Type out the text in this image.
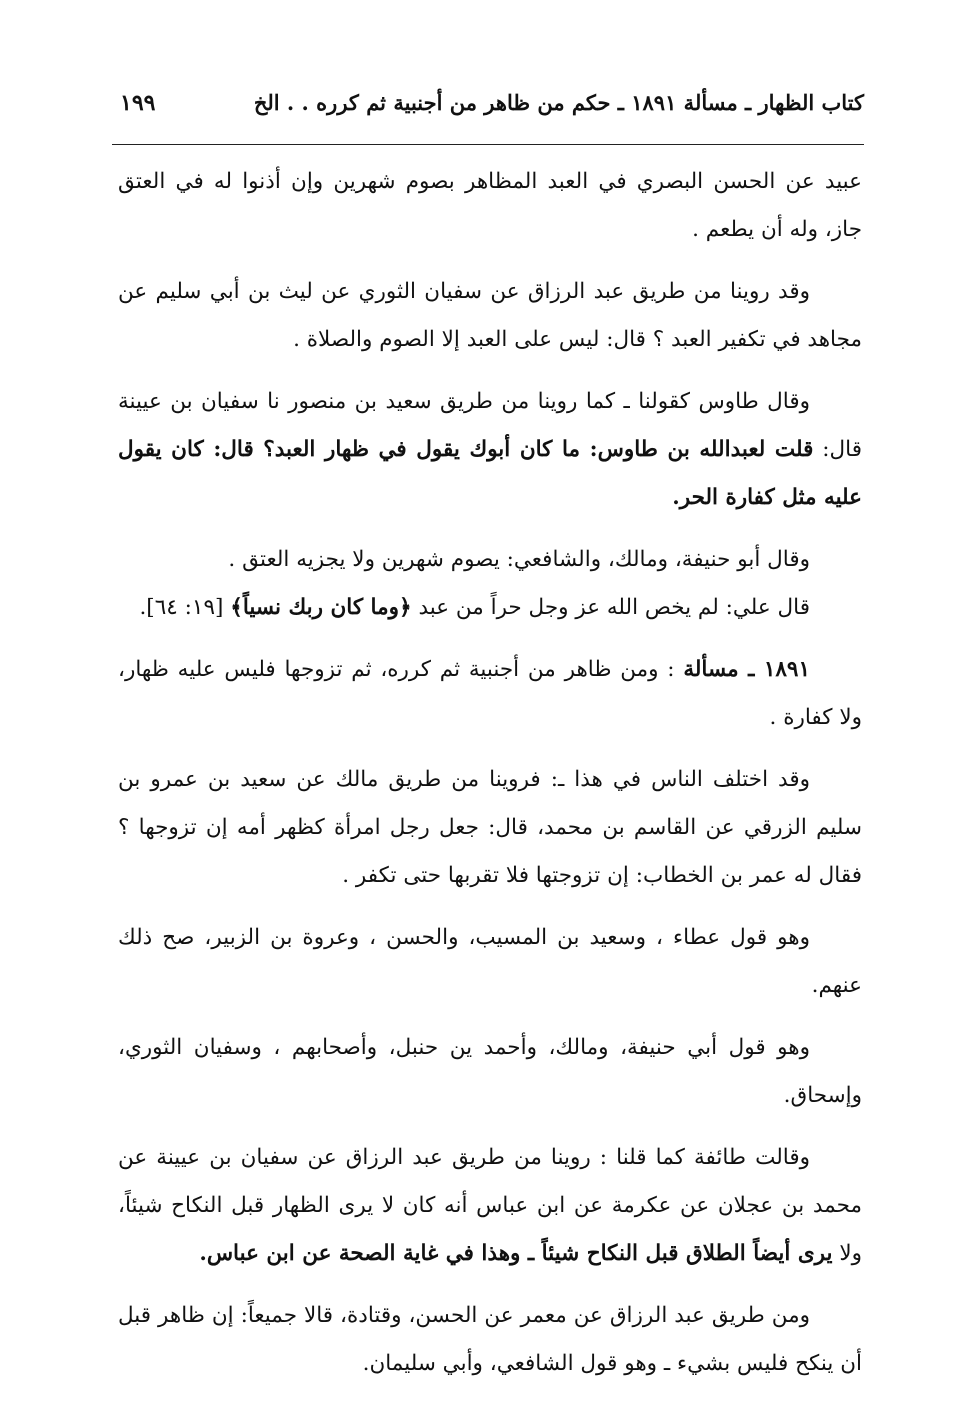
كتاب الظهار ـ مسألة ١٨٩١ ـ حكم من ظاهر من أجنبية ثم كرره . . الخ
١٩٩

عبيد عن الحسن البصري في العبد المظاهر بصوم شهرين وإن أذنوا له في العتق جاز، وله أن يطعم .

وقد روينا من طريق عبد الرزاق عن سفيان الثوري عن ليث بن أبي سليم عن مجاهد في تكفير العبد ؟ قال: ليس على العبد إلا الصوم والصلاة .

وقال طاوس كقولنا ـ كما روينا من طريق سعيد بن منصور نا سفيان بن عيينة قال: قلت لعبدالله بن طاوس: ما كان أبوك يقول في ظهار العبد؟ قال: كان يقول عليه مثل كفارة الحر.

وقال أبو حنيفة، ومالك، والشافعي: يصوم شهرين ولا يجزيه العتق .

قال علي: لم يخص الله عز وجل حراً من عبد ﴿وما كان ربك نسياً﴾ [١٩: ٦٤].

١٨٩١ ـ مسألة : ومن ظاهر من أجنبية ثم كرره، ثم تزوجها فليس عليه ظهار، ولا كفارة .

وقد اختلف الناس في هذا ـ: فروينا من طريق مالك عن سعيد بن عمرو بن سليم الزرقي عن القاسم بن محمد، قال: جعل رجل امرأة كظهر أمه إن تزوجها ؟ فقال له عمر بن الخطاب: إن تزوجتها فلا تقربها حتى تكفر .

وهو قول عطاء ، وسعيد بن المسيب، والحسن ، وعروة بن الزبير، صح ذلك عنهم.

وهو قول أبي حنيفة، ومالك، وأحمد ين حنبل، وأصحابهم ، وسفيان الثوري، وإسحاق.

وقالت طائفة كما قلنا : روينا من طريق عبد الرزاق عن سفيان بن عيينة عن محمد بن عجلان عن عكرمة عن ابن عباس أنه كان لا يرى الظهار قبل النكاح شيئاً، ولا يرى أيضاً الطلاق قبل النكاح شيئاً ـ وهذا في غاية الصحة عن ابن عباس.

ومن طريق عبد الرزاق عن معمر عن الحسن، وقتادة، قالا جميعاً: إن ظاهر قبل أن ينكح فليس بشيء ـ وهو قول الشافعي، وأبي سليمان.
